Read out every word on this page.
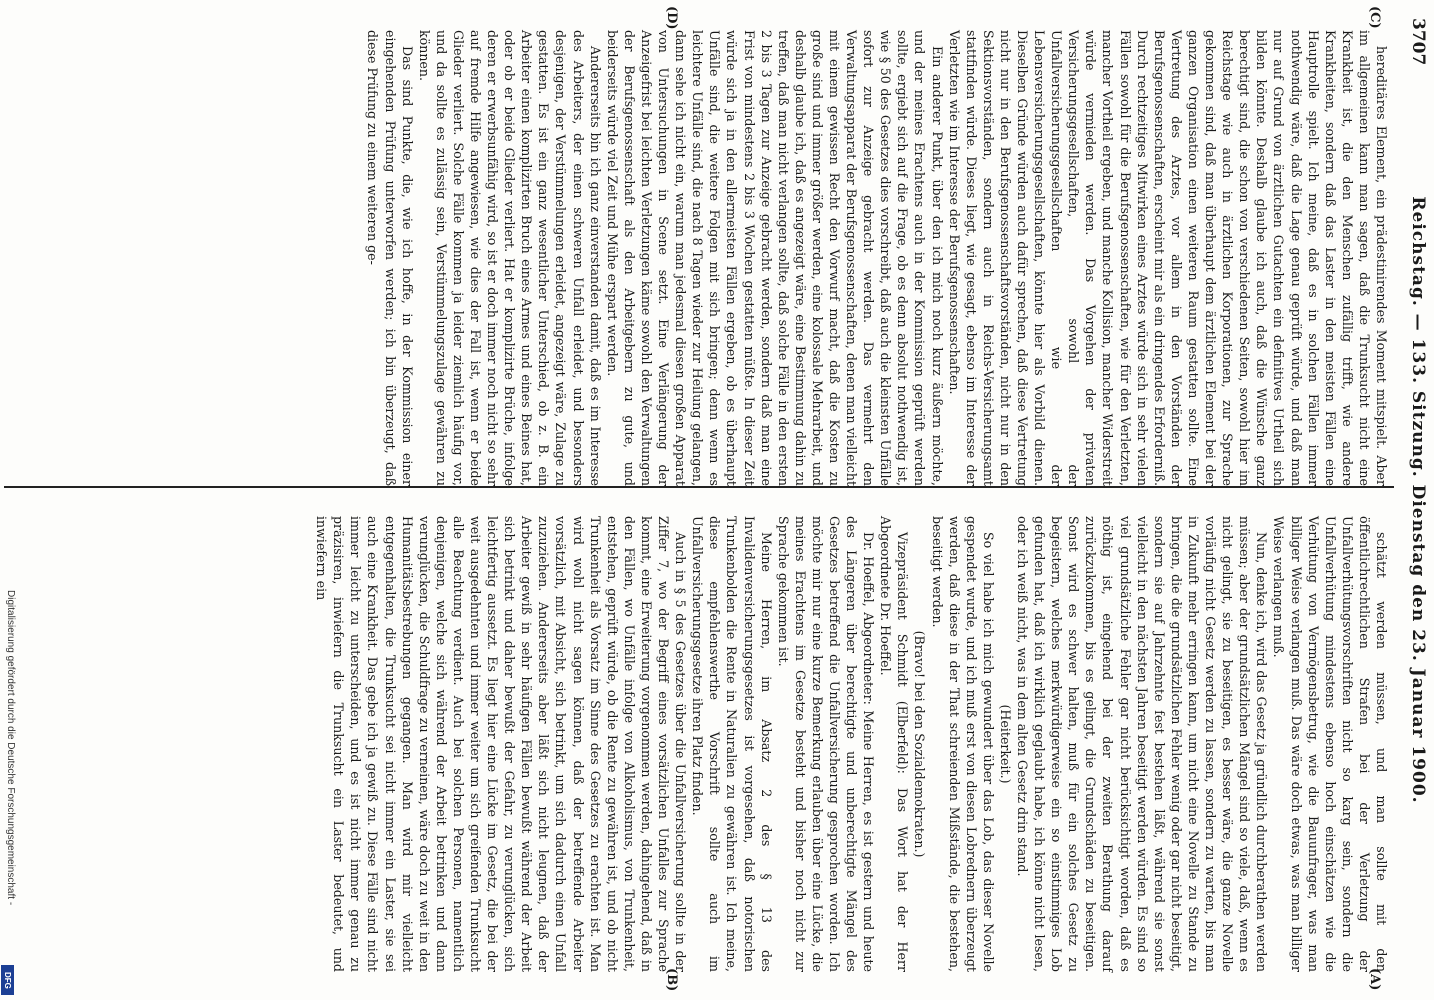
3707
Reichstag. — 133. Sitzung. Dienstag den 23. Januar 1900.
(C)
(D)
(A)
(B)

hereditäres Element, ein prädestinirendes Moment mitspielt. Aber im allgemeinen kann man sagen, daß die Trunksucht nicht eine Krankheit ist, die den Menschen zufällig trifft, wie andere Krankheiten, sondern daß das Laster in den meisten Fällen eine Hauptrolle spielt. Ich meine, daß es in solchen Fällen immer nothwendig wäre, daß die Lage genau geprüft würde, und daß man nur auf Grund von ärztlichen Gutachten ein definitives Urtheil sich bilden könnte. Deshalb glaube ich auch, daß die Wünsche ganz berechtigt sind, die schon von verschiedenen Seiten, sowohl hier im Reichstage wie auch in ärztlichen Korporationen, zur Sprache gekommen sind, daß man überhaupt dem ärztlichen Element bei der ganzen Organisation einen weiteren Raum gestatten sollte. Eine Vertretung des Arztes, vor allem in den Vorständen der Berufsgenossenschaften, erscheint mir als ein dringendes Erforderniß. Durch rechtzeitiges Mitwirken eines Arztes würde sich in sehr vielen Fällen sowohl für die Berufsgenossenschaften, wie für den Verletzten, mancher Vortheil ergeben, und manche Kollision, mancher Widerstreit würde vermieden werden. Das Vorgehen der privaten Versicherungsgesellschaften, sowohl der Unfallversicherungsgesellschaften wie der Lebensversicherungsgesellschaften, könnte hier als Vorbild dienen. Dieselben Gründe würden auch dafür sprechen, daß diese Vertretung nicht nur in den Berufsgenossenschaftsvorständen, nicht nur in den Sektionsvorständen, sondern auch in Reichs-Versicherungsamt stattfinden würde. Dieses liegt, wie gesagt, ebenso im Interesse der Verletzten wie im Interesse der Berufsgenossenschaften.

Ein anderer Punkt, über den ich mich noch kurz äußern möchte, und der meines Erachtens auch in der Kommission geprüft werden sollte, ergiebt sich auf die Frage, ob es denn absolut nothwendig ist, wie § 50 des Gesetzes dies vorschreibt, daß auch die kleinsten Unfälle sofort zur Anzeige gebracht werden. Das vermehrt den Verwaltungsapparat der Berufsgenossenschaften, denen man vielleicht mit einem gewissen Recht den Vorwurf macht, daß die Kosten zu große sind und immer größer werden, eine kolossale Mehrarbeit, und deshalb glaube ich, daß es angezeigt wäre, eine Bestimmung dahin zu treffen, daß man nicht verlangen sollte, daß solche Fälle in den ersten 2 bis 3 Tagen zur Anzeige gebracht werden, sondern daß man eine Frist von mindestens 2 bis 3 Wochen gestatten müßte. In dieser Zeit würde sich ja in den allermeisten Fällen ergeben, ob es überhaupt Unfälle sind, die weitere Folgen mit sich bringen; denn wenn es leichtere Unfälle sind, die nach 8 Tagen wieder zur Heilung gelangen, dann sehe ich nicht ein, warum man jedesmal diesen großen Apparat von Untersuchungen in Scene setzt. Eine Verlängerung der Anzeigefrist bei leichten Verletzungen käme sowohl den Verwaltungen der Berufsgenossenschaft als den Arbeitgebern zu gute, und beiderseits würde viel Zeit und Mühe erspart werden.

Andererseits bin ich ganz einverstanden damit, daß es im Interesse des Arbeiters, der einen schweren Unfall erleidet, und besonders desjenigen, der Verstümmelungen erleidet, angezeigt wäre, Zulage zu gestatten. Es ist ein ganz wesentlicher Unterschied, ob z. B. ein Arbeiter einen komplizirten Bruch eines Armes und eines Beines hat, oder ob er beide Glieder verliert. Hat er komplizirte Brüche, infolge deren er erwerbsunfähig wird, so ist er doch immer noch nicht so sehr auf fremde Hilfe angewiesen, wie dies der Fall ist, wenn er beide Glieder verliert. Solche Fälle kommen ja leider ziemlich häufig vor, und da sollte es zulässig sein, Verstümmelungszulage gewähren zu können.

Das sind Punkte, die, wie ich hoffe, in der Kommission einer eingehenden Prüfung unterworfen werden; ich bin überzeugt, daß diese Prüfung zu einem weiteren ge-

schätzt werden müssen, und man sollte mit den öffentlichrechtlichen Strafen bei der Verletzung der Unfallverhütungsvorschriften nicht so karg sein, sondern die Unfallverhütung mindestens ebenso hoch einschätzen wie die Verhütung von Vermögensbetrug, wie die Bauunfrager, was man billiger Weise verlangen muß. Das wäre doch etwas, was man billiger Weise verlangen muß.

Nun, denke ich, wird das Gesetz ja gründlich durchberathen werden müssen; aber der grundsätzlichen Mängel sind so viele, daß, wenn es nicht gelingt, sie zu beseitigen, es besser wäre, die ganze Novelle vorläufig nicht Gesetz werden zu lassen, sondern zu warten, bis man in Zukunft mehr erringen kann, um nicht eine Novelle zu Stande zu bringen, die die grundsätzlichen Fehler wenig oder gar nicht beseitigt, sondern sie auf Jahrzehnte fest bestehen läßt, während sie sonst vielleicht in den nächsten Jahren beseitigt werden würden. Es sind so viel grundsätzliche Fehler gar nicht berücksichtigt worden, daß es nöthig ist, eingehend bei der zweiten Berathung darauf zurückzukommen, bis es gelingt, die Grundschäden zu beseitigen. Sonst wird es schwer halten, muß für ein solches Gesetz zu begeistern, welches merkwürdigerweise ein so einstimmiges Lob gefunden hat, daß ich wirklich geglaubt habe, ich könne nicht lesen, oder ich weiß nicht, was in dem alten Gesetz drin stand.

(Heiterkeit.)

So viel habe ich mich gewundert über das Lob, das dieser Novelle gespendet wurde, und ich muß erst von diesen Lobrednern überzeugt werden, daß diese in der That schreienden Mißstände, die bestehen, beseitigt werden.

(Bravo! bei den Sozialdemokraten.)

Vizepräsident Schmidt (Elberfeld): Das Wort hat der Herr Abgeordnete Dr. Hoeffel.

Dr. Hoeffel, Abgeordneter: Meine Herren, es ist gestern und heute des Längeren über berechtigte und unberechtigte Mängel des Gesetzes betreffend die Unfallversicherung gesprochen worden. Ich möchte mir nur eine kurze Bemerkung erlauben über eine Lücke, die meines Erachtens im Gesetze besteht und bisher noch nicht zur Sprache gekommen ist.

Meine Herren, im Absatz 2 des § 13 des Invalidenversicherungsgesetzes ist vorgesehen, daß notorischen Trunkenbolden die Rente in Naturalien zu gewähren ist. Ich meine, diese empfehlenswerthe Vorschrift sollte auch im Unfallversicherungsgesetze ihren Platz finden.

Auch in § 5 des Gesetzes über die Unfallversicherung sollte in der Ziffer 7, wo der Begriff eines vorsätzlichen Unfalles zur Sprache kommt, eine Erweiterung vorgenommen werden, dahingehend, daß in den Fällen, wo Unfälle infolge von Alkoholismus, von Trunkenheit, entstehen, geprüft würde, ob die Rente zu gewähren ist, und ob nicht Trunkenheit als Vorsatz im Sinne des Gesetzes zu erachten ist. Man wird wohl nicht sagen können, daß der betreffende Arbeiter vorsätzlich, mit Absicht, sich betrinkt, um sich dadurch einen Unfall zuzuziehen. Andererseits aber läßt sich nicht leugnen, daß der Arbeiter gewiß in sehr häufigen Fällen bewußt während der Arbeit sich betrinkt und daher bewußt der Gefahr, zu verunglücken, sich leichtfertig aussetzt. Es liegt hier eine Lücke im Gesetz, die bei der weit ausgedehnten und immer weiter um sich greifenden Trunksucht alle Beachtung verdient. Auch bei solchen Personen, namentlich denjenigen, welche sich während der Arbeit betrinken und dann verunglücken, die Schuldfrage zu verneinen, wäre doch zu weit in den Humanitätsbestrebungen gegangen. Man wird mir vielleicht entgegenhalten, die Trunksucht sei nicht immer ein Laster, sie sei auch eine Krankheit. Das gebe ich ja gewiß zu. Diese Fälle sind nicht immer leicht zu unterscheiden, und es ist nicht immer genau zu präzisiren, inwiefern die Trunksucht ein Laster bedeutet, und inwiefern ein

Digitalisierung gefördert durch die Deutsche Forschungsgemeinschaft -
DFG
